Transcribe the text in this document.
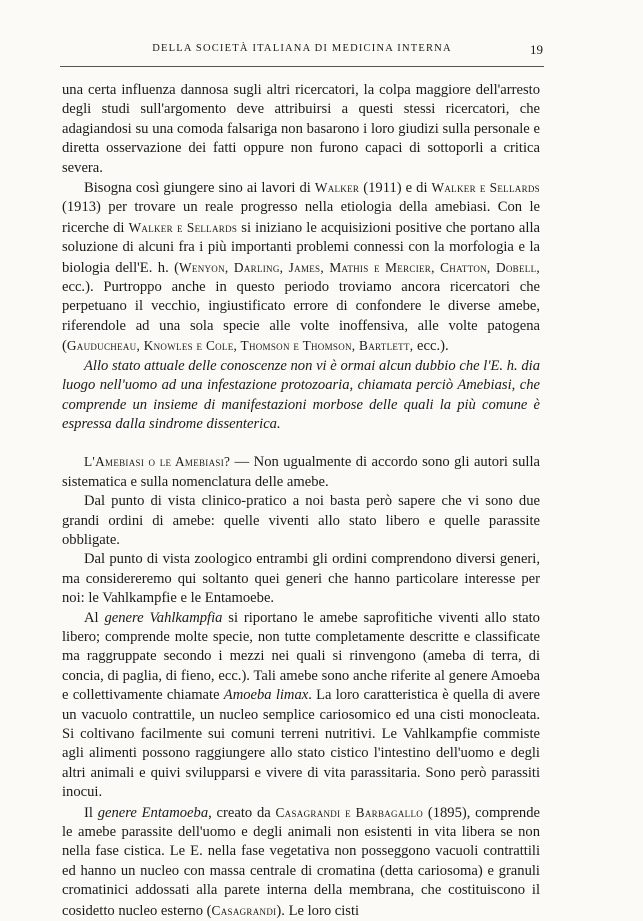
DELLA SOCIETÀ ITALIANA DI MEDICINA INTERNA	19

una certa influenza dannosa sugli altri ricercatori, la colpa maggiore dell'arresto degli studi sull'argomento deve attribuirsi a questi stessi ricercatori, che adagiandosi su una comoda falsariga non basarono i loro giudizi sulla personale e diretta osservazione dei fatti oppure non furono capaci di sottoporli a critica severa.

Bisogna così giungere sino ai lavori di Walker (1911) e di Walker e Sellards (1913) per trovare un reale progresso nella etiologia della amebiasi. Con le ricerche di Walker e Sellards si iniziano le acquisizioni positive che portano alla soluzione di alcuni fra i più importanti problemi connessi con la morfologia e la biologia dell'E. h. (Wenyon, Darling, James, Mathis e Mercier, Chatton, Dobell, ecc.). Purtroppo anche in questo periodo troviamo ancora ricercatori che perpetuano il vecchio, ingiustificato errore di confondere le diverse amebe, riferendole ad una sola specie alle volte inoffensiva, alle volte patogena (Gauducheau, Knowles e Cole, Thomson e Thomson, Bartlett, ecc.).

Allo stato attuale delle conoscenze non vi è ormai alcun dubbio che l'E. h. dia luogo nell'uomo ad una infestazione protozoaria, chiamata perciò Amebiasi, che comprende un insieme di manifestazioni morbose delle quali la più comune è espressa dalla sindrome dissenterica.

L'Amebiasi o le Amebiasi? — Non ugualmente di accordo sono gli autori sulla sistematica e sulla nomenclatura delle amebe.

Dal punto di vista clinico-pratico a noi basta però sapere che vi sono due grandi ordini di amebe: quelle viventi allo stato libero e quelle parassite obbligate.

Dal punto di vista zoologico entrambi gli ordini comprendono diversi generi, ma considereremo qui soltanto quei generi che hanno particolare interesse per noi: le Vahlkampfie e le Entamoebe.

Al genere Vahlkampfia si riportano le amebe saprofitiche viventi allo stato libero; comprende molte specie, non tutte completamente descritte e classificate ma raggruppate secondo i mezzi nei quali si rinvengono (ameba di terra, di concia, di paglia, di fieno, ecc.). Tali amebe sono anche riferite al genere Amoeba e collettivamente chiamate Amoeba limax. La loro caratteristica è quella di avere un vacuolo contrattile, un nucleo semplice cariosomico ed una cisti monocleata. Si coltivano facilmente sui comuni terreni nutritivi. Le Vahlkampfie commiste agli alimenti possono raggiungere allo stato cistico l'intestino dell'uomo e degli altri animali e quivi svilupparsi e vivere di vita parassitaria. Sono però parassiti inocui.

Il genere Entamoeba, creato da Casagrandi e Barbagallo (1895), comprende le amebe parassite dell'uomo e degli animali non esistenti in vita libera se non nella fase cistica. Le E. nella fase vegetativa non posseggono vacuoli contrattili ed hanno un nucleo con massa centrale di cromatina (detta cariosoma) e granuli cromatinici addossati alla parete interna della membrana, che costituiscono il cosidetto nucleo esterno (Casagrandi). Le loro cisti
